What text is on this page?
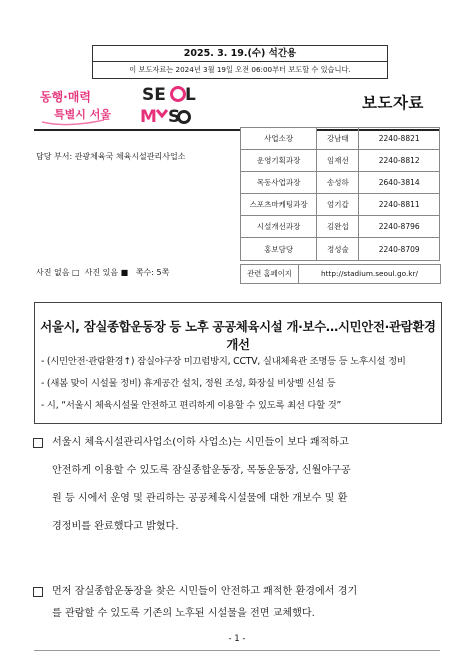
2025. 3. 19.(수) 석간용
이 보도자료는 2024년 3월 19일 오전 06:00부터 보도할 수 있습니다.
동행·매력
특별시 서울
SE L
M S
보도자료
담당 부서: 관광체육국 체육시설관리사업소
사업소장	강남태	2240-8821
운영기획과장	임재선	2240-8812
목동사업과장	송성하	2640-3814
스포츠마케팅과장	엄기갑	2240-8811
시설개선과장	김완섭	2240-8796
홍보담당	정성술	2240-8709
관련 홈페이지	http://stadium.seoul.go.kr/
사진 없음 □  사진 있음 ■   쪽수: 5쪽
서울시, 잠실종합운동장 등 노후 공공체육시설 개·보수…시민안전·관람환경 개선
- (시민안전·관람환경↑) 잠실야구장 미끄럼방지, CCTV, 실내체육관 조명등 등 노후시설 정비
- (새봄 맞이 시설물 정비) 휴게공간 설치, 정원 조성, 화장실 비상벨 신설 등
- 시, “서울시 체육시설물 안전하고 편리하게 이용할 수 있도록 최선 다할 것”
서울시 체육시설관리사업소(이하 사업소)는 시민들이 보다 쾌적하고
안전하게 이용할 수 있도록 잠실종합운동장, 목동운동장, 신월야구공
원 등 시에서 운영 및 관리하는 공공체육시설물에 대한 개보수 및 환
경정비를 완료했다고 밝혔다.
먼저 잠실종합운동장을 찾은 시민들이 안전하고 쾌적한 환경에서 경기
를 관람할 수 있도록 기존의 노후된 시설물을 전면 교체했다.
- 1 -
